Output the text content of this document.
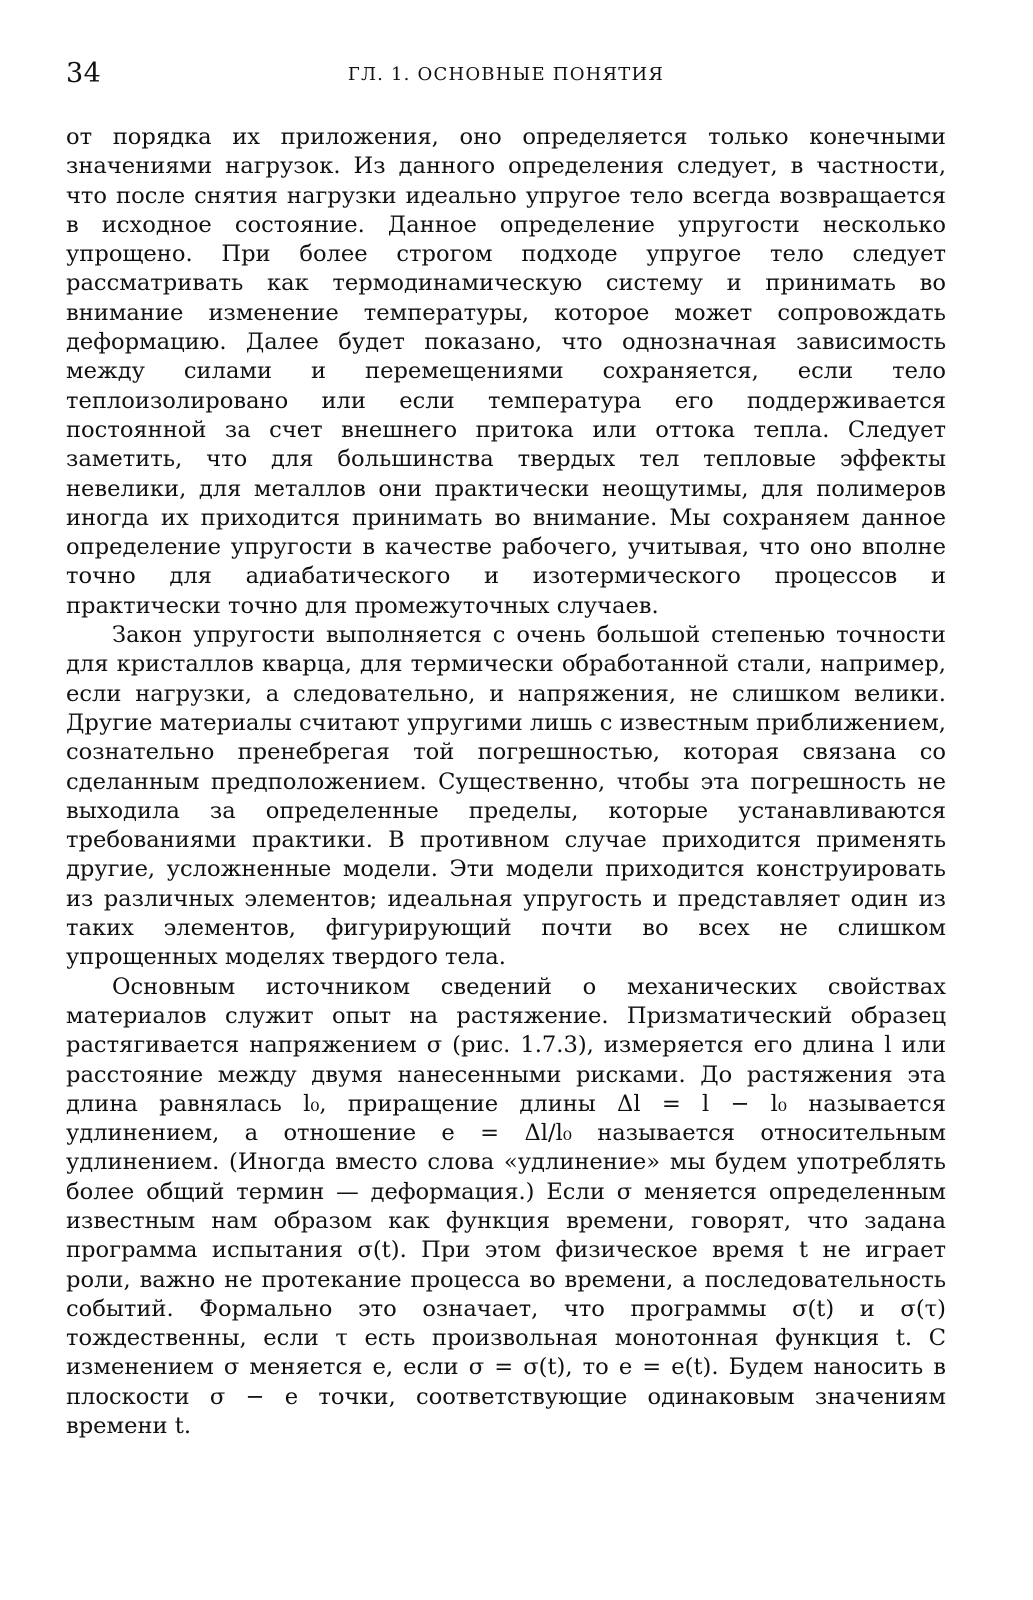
34	ГЛ. 1. ОСНОВНЫЕ ПОНЯТИЯ

от порядка их приложения, оно определяется только конечными значениями нагрузок. Из данного определения следует, в частности, что после снятия нагрузки идеально упругое тело всегда возвращается в исходное состояние. Данное определение упругости несколько упрощено. При более строгом подходе упругое тело следует рассматривать как термодинамическую систему и принимать во внимание изменение температуры, которое может сопровождать деформацию. Далее будет показано, что однозначная зависимость между силами и перемещениями сохраняется, если тело теплоизолировано или если температура его поддерживается постоянной за счет внешнего притока или оттока тепла. Следует заметить, что для большинства твердых тел тепловые эффекты невелики, для металлов они практически неощутимы, для полимеров иногда их приходится принимать во внимание. Мы сохраняем данное определение упругости в качестве рабочего, учитывая, что оно вполне точно для адиабатического и изотермического процессов и практически точно для промежуточных случаев.

Закон упругости выполняется с очень большой степенью точности для кристаллов кварца, для термически обработанной стали, например, если нагрузки, а следовательно, и напряжения, не слишком велики. Другие материалы считают упругими лишь с известным приближением, сознательно пренебрегая той погрешностью, которая связана со сделанным предположением. Существенно, чтобы эта погрешность не выходила за определенные пределы, которые устанавливаются требованиями практики. В противном случае приходится применять другие, усложненные модели. Эти модели приходится конструировать из различных элементов; идеальная упругость и представляет один из таких элементов, фигурирующий почти во всех не слишком упрощенных моделях твердого тела.

Основным источником сведений о механических свойствах материалов служит опыт на растяжение. Призматический образец растягивается напряжением σ (рис. 1.7.3), измеряется его длина l или расстояние между двумя нанесенными рисками. До растяжения эта длина равнялась l₀, приращение длины Δl = l − l₀ называется удлинением, а отношение e = Δl/l₀ называется относительным удлинением. (Иногда вместо слова «удлинение» мы будем употреблять более общий термин — деформация.) Если σ меняется определенным известным нам образом как функция времени, говорят, что задана программа испытания σ(t). При этом физическое время t не играет роли, важно не протекание процесса во времени, а последовательность событий. Формально это означает, что программы σ(t) и σ(τ) тождественны, если τ есть произвольная монотонная функция t. С изменением σ меняется e, если σ = σ(t), то e = e(t). Будем наносить в плоскости σ − e точки, соответствующие одинаковым значениям времени t.
